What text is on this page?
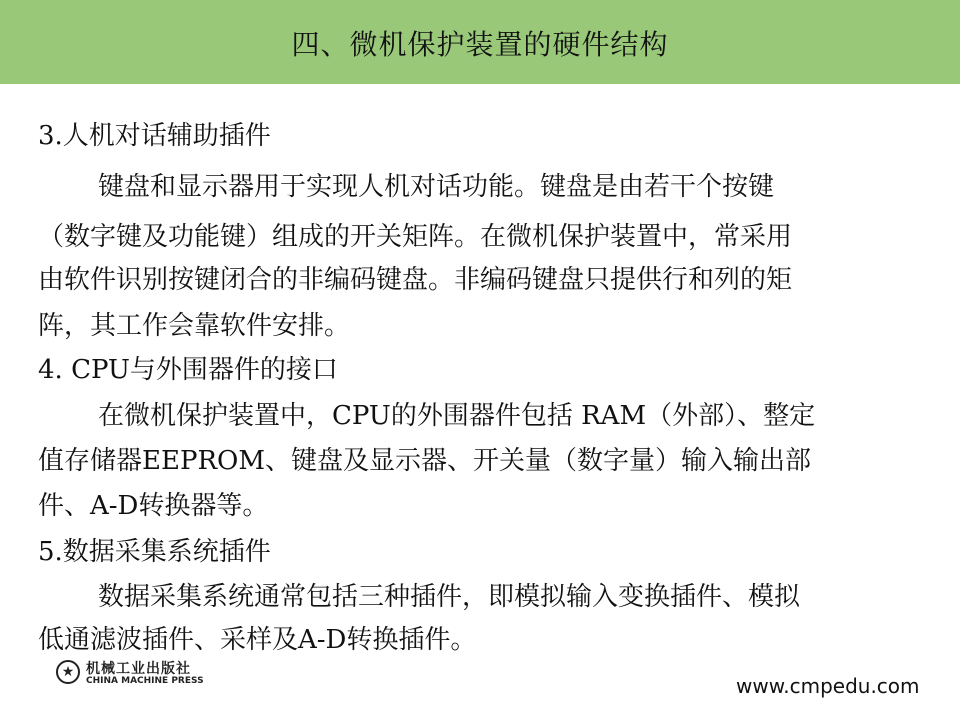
四、微机保护装置的硬件结构
3.人机对话辅助插件
键盘和显示器用于实现人机对话功能。键盘是由若干个按键
（数字键及功能键）组成的开关矩阵。在微机保护装置中，常采用
由软件识别按键闭合的非编码键盘。非编码键盘只提供行和列的矩
阵，其工作会靠软件安排。
4. CPU与外围器件的接口
在微机保护装置中，CPU的外围器件包括 RAM（外部）、整定
值存储器EEPROM、键盘及显示器、开关量（数字量）输入输出部
件、A-D转换器等。
5.数据采集系统插件
数据采集系统通常包括三种插件，即模拟输入变换插件、模拟
低通滤波插件、采样及A-D转换插件。
★ 机械工业出版社
CHINA MACHINE PRESS	www.cmpedu.com
